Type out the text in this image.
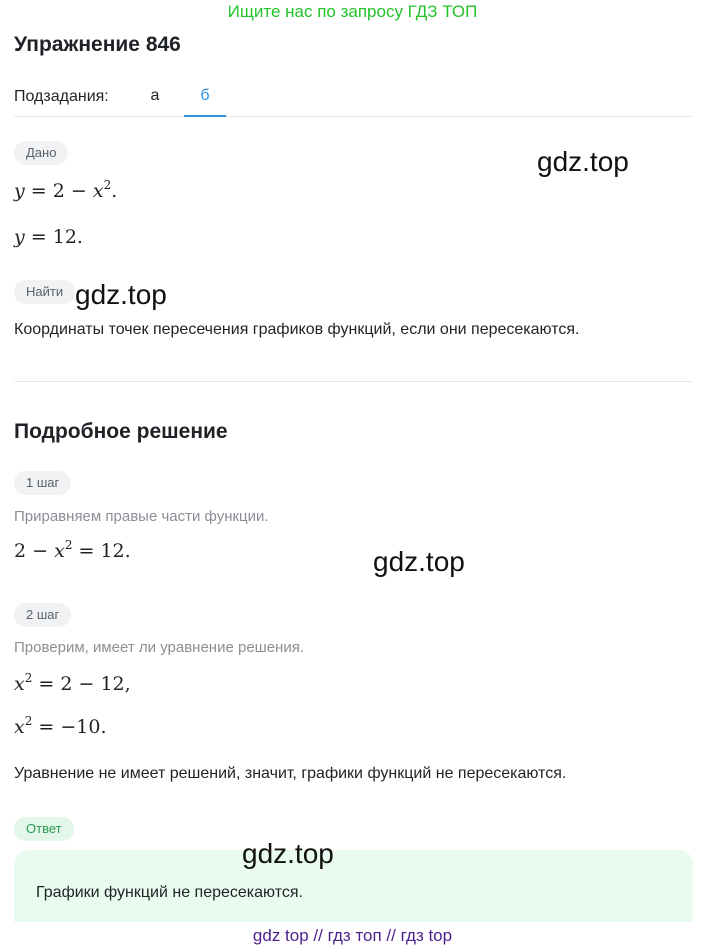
Ищите нас по запросу ГДЗ ТОП
Упражнение 846
Подзадания:	а	б
Дано
$y = 2 - x^2$.
y = 12.
Найти
Координаты точек пересечения графиков функций, если они пересекаются.
Подробное решение
1 шаг
Приравняем правые части функции.
$2 - x^2 = 12$.
2 шаг
Проверим, имеет ли уравнение решения.
$x^2 = 2 - 12$,
$x^2 = -10$.
Уравнение не имеет решений, значит, графики функций не пересекаются.
Ответ
Графики функций не пересекаются.
gdz.top
gdz.top
gdz.top
gdz.top
gdz top // гдз топ // гдз top
